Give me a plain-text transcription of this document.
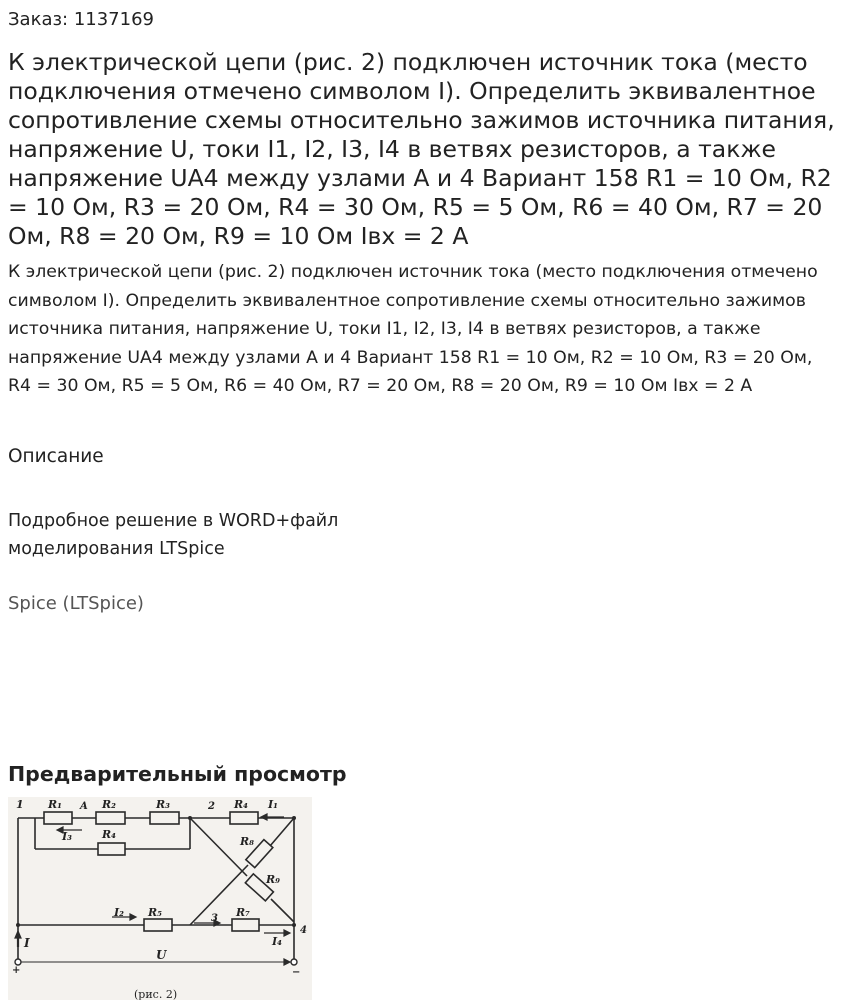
Заказ: 1137169
К электрической цепи (рис. 2) подключен источник тока (место подключения отмечено символом I). Определить эквивалентное сопротивление схемы относительно зажимов источника питания, напряжение U, токи I1, I2, I3, I4 в ветвях резисторов, а также напряжение UA4 между узлами А и 4 Вариант 158 R1 = 10 Ом, R2 = 10 Ом, R3 = 20 Ом, R4 = 30 Ом, R5 = 5 Ом, R6 = 40 Ом, R7 = 20 Ом, R8 = 20 Ом, R9 = 10 Ом Iвх = 2 А
К электрической цепи (рис. 2) подключен источник тока (место подключения отмечено символом I). Определить эквивалентное сопротивление схемы относительно зажимов источника питания, напряжение U, токи I1, I2, I3, I4 в ветвях резисторов, а также напряжение UA4 между узлами А и 4 Вариант 158 R1 = 10 Ом, R2 = 10 Ом, R3 = 20 Ом, R4 = 30 Ом, R5 = 5 Ом, R6 = 40 Ом, R7 = 20 Ом, R8 = 20 Ом, R9 = 10 Ом Iвх = 2 А
Описание
Подробное решение в WORD+файл
моделирования LTSpice
Spice (LTSpice)
Предварительный просмотр
1 R₁ A R₂	R₃	2 R₄ I₁
I₃	R₄
R₈
R₉
I₂ R₅	3 R₇
4
I₄
I
U
+	−
(рис. 2)
